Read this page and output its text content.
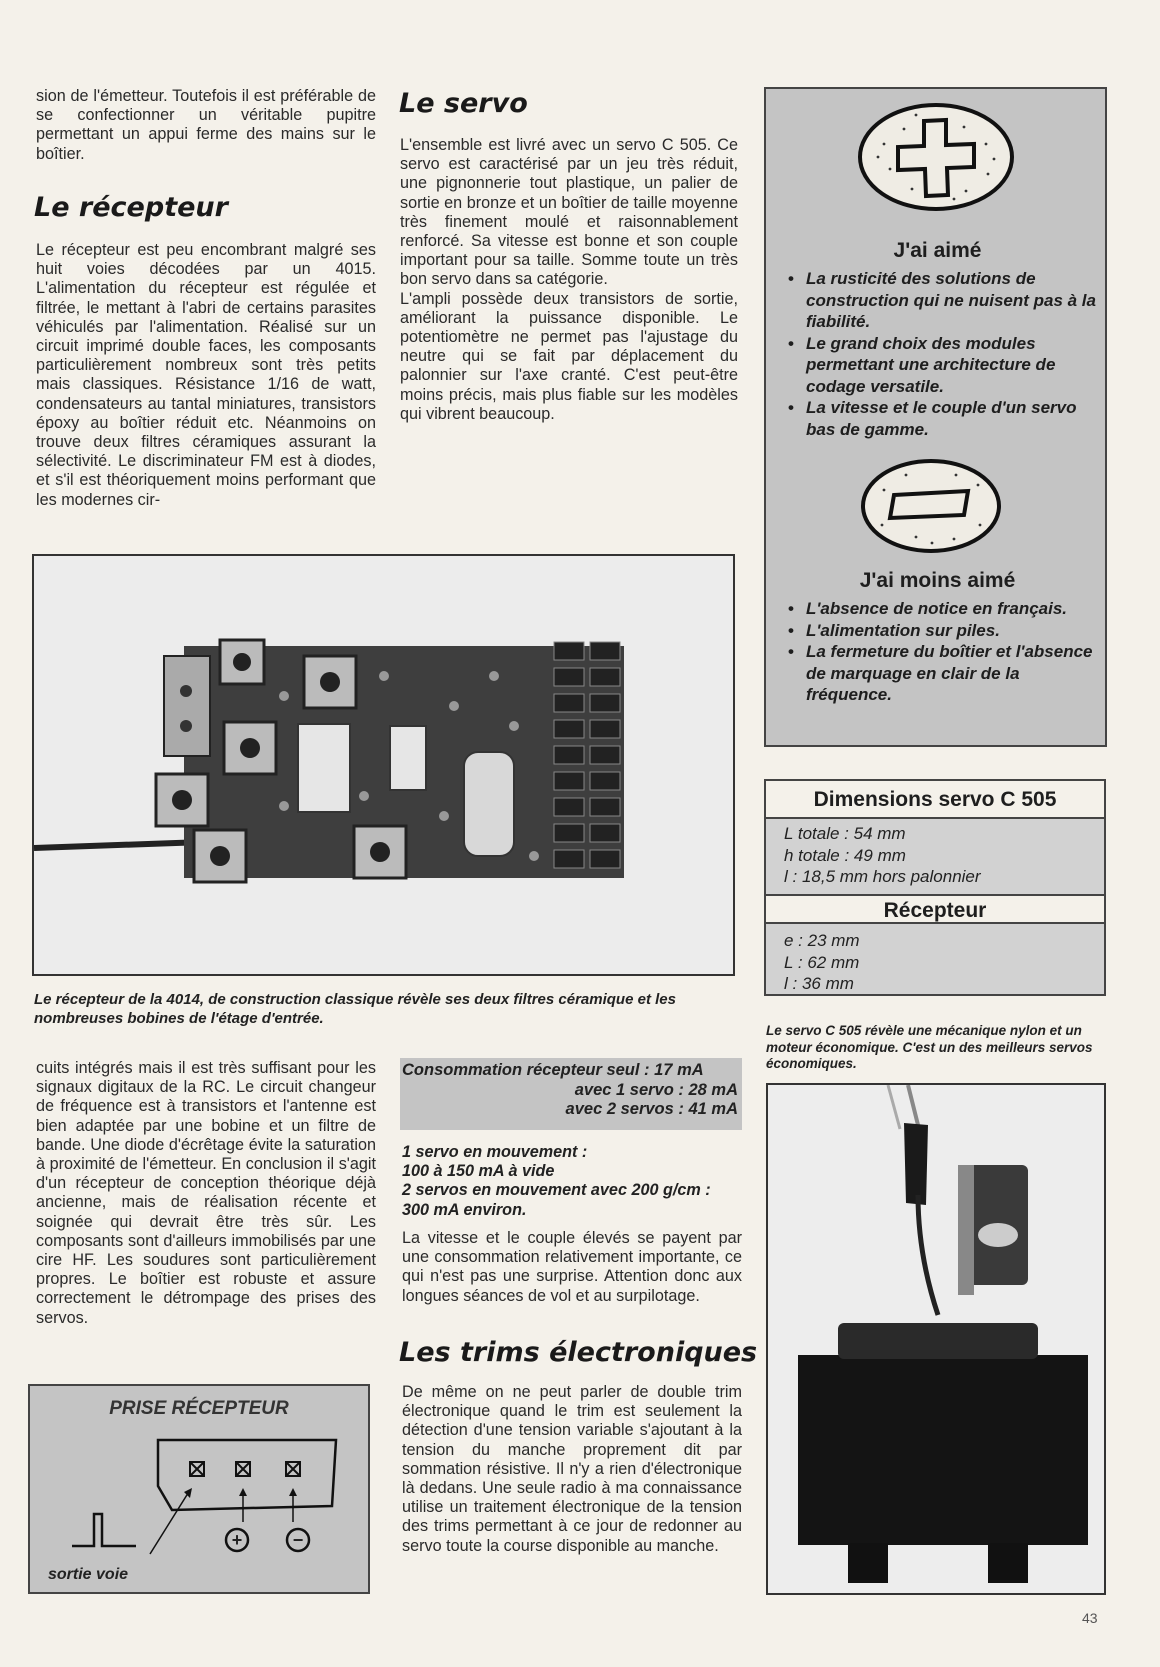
sion de l'émetteur. Toutefois il est préférable de se confectionner un véritable pupitre permettant un appui ferme des mains sur le boîtier.

Le récepteur

Le récepteur est peu encombrant malgré ses huit voies décodées par un 4015. L'alimentation du récepteur est régulée et filtrée, le mettant à l'abri de certains parasites véhiculés par l'alimentation. Réalisé sur un circuit imprimé double faces, les composants particulièrement nombreux sont très petits mais classiques. Résistance 1/16 de watt, condensateurs au tantal miniatures, transistors époxy au boîtier réduit etc. Néanmoins on trouve deux filtres céramiques assurant la sélectivité. Le discriminateur FM est à diodes, et s'il est théoriquement moins performant que les modernes cir-

Le servo

L'ensemble est livré avec un servo C 505. Ce servo est caractérisé par un jeu très réduit, une pignonnerie tout plastique, un palier de sortie en bronze et un boîtier de taille moyenne très finement moulé et raisonnablement renforcé. Sa vitesse est bonne et son couple important pour sa taille. Somme toute un très bon servo dans sa catégorie.

L'ampli possède deux transistors de sortie, améliorant la puissance disponible. Le potentiomètre ne permet pas l'ajustage du neutre qui se fait par déplacement du palonnier sur l'axe cranté. C'est peut-être moins précis, mais plus fiable sur les modèles qui vibrent beaucoup.

J'ai aimé
• La rusticité des solutions de construction qui ne nuisent pas à la fiabilité.
• Le grand choix des modules permettant une architecture de codage versatile.
• La vitesse et le couple d'un servo bas de gamme.
J'ai moins aimé
• L'absence de notice en français.
• L'alimentation sur piles.
• La fermeture du boîtier et l'absence de marquage en clair de la fréquence.
Le récepteur de la 4014, de construction classique révèle ses deux filtres céramique et les nombreuses bobines de l'étage d'entrée.
Dimensions servo C 505
L totale : 54 mm
h totale : 49 mm
l : 18,5 mm hors palonnier
Récepteur
e : 23 mm
L : 62 mm
l : 36 mm
Le servo C 505 révèle une mécanique nylon et un moteur économique. C'est un des meilleurs servos économiques.

cuits intégrés mais il est très suffisant pour les signaux digitaux de la RC. Le circuit changeur de fréquence est à transistors et l'antenne est bien adaptée par une bobine et un filtre de bande. Une diode d'écrêtage évite la saturation à proximité de l'émetteur. En conclusion il s'agit d'un récepteur de conception théorique déjà ancienne, mais de réalisation récente et soignée qui devrait être très sûr. Les composants sont d'ailleurs immobilisés par une cire HF. Les soudures sont particulièrement propres. Le boîtier est robuste et assure correctement le détrompage des prises des servos.

PRISE RÉCEPTEUR
+	−
sortie voie
Consommation récepteur seul : 17 mA
avec 1 servo : 28 mA
avec 2 servos : 41 mA
1 servo en mouvement :
100 à 150 mA à vide
2 servos en mouvement avec 200 g/cm :
300 mA environ.

La vitesse et le couple élevés se payent par une consommation relativement importante, ce qui n'est pas une surprise. Attention donc aux longues séances de vol et au surpilotage.

Les trims électroniques

De même on ne peut parler de double trim électronique quand le trim est seulement la détection d'une tension variable s'ajoutant à la tension du manche proprement dit par sommation résistive. Il n'y a rien d'électronique là dedans. Une seule radio à ma connaissance utilise un traitement électronique de la tension des trims permettant à ce jour de redonner au servo toute la course disponible au manche.

43
